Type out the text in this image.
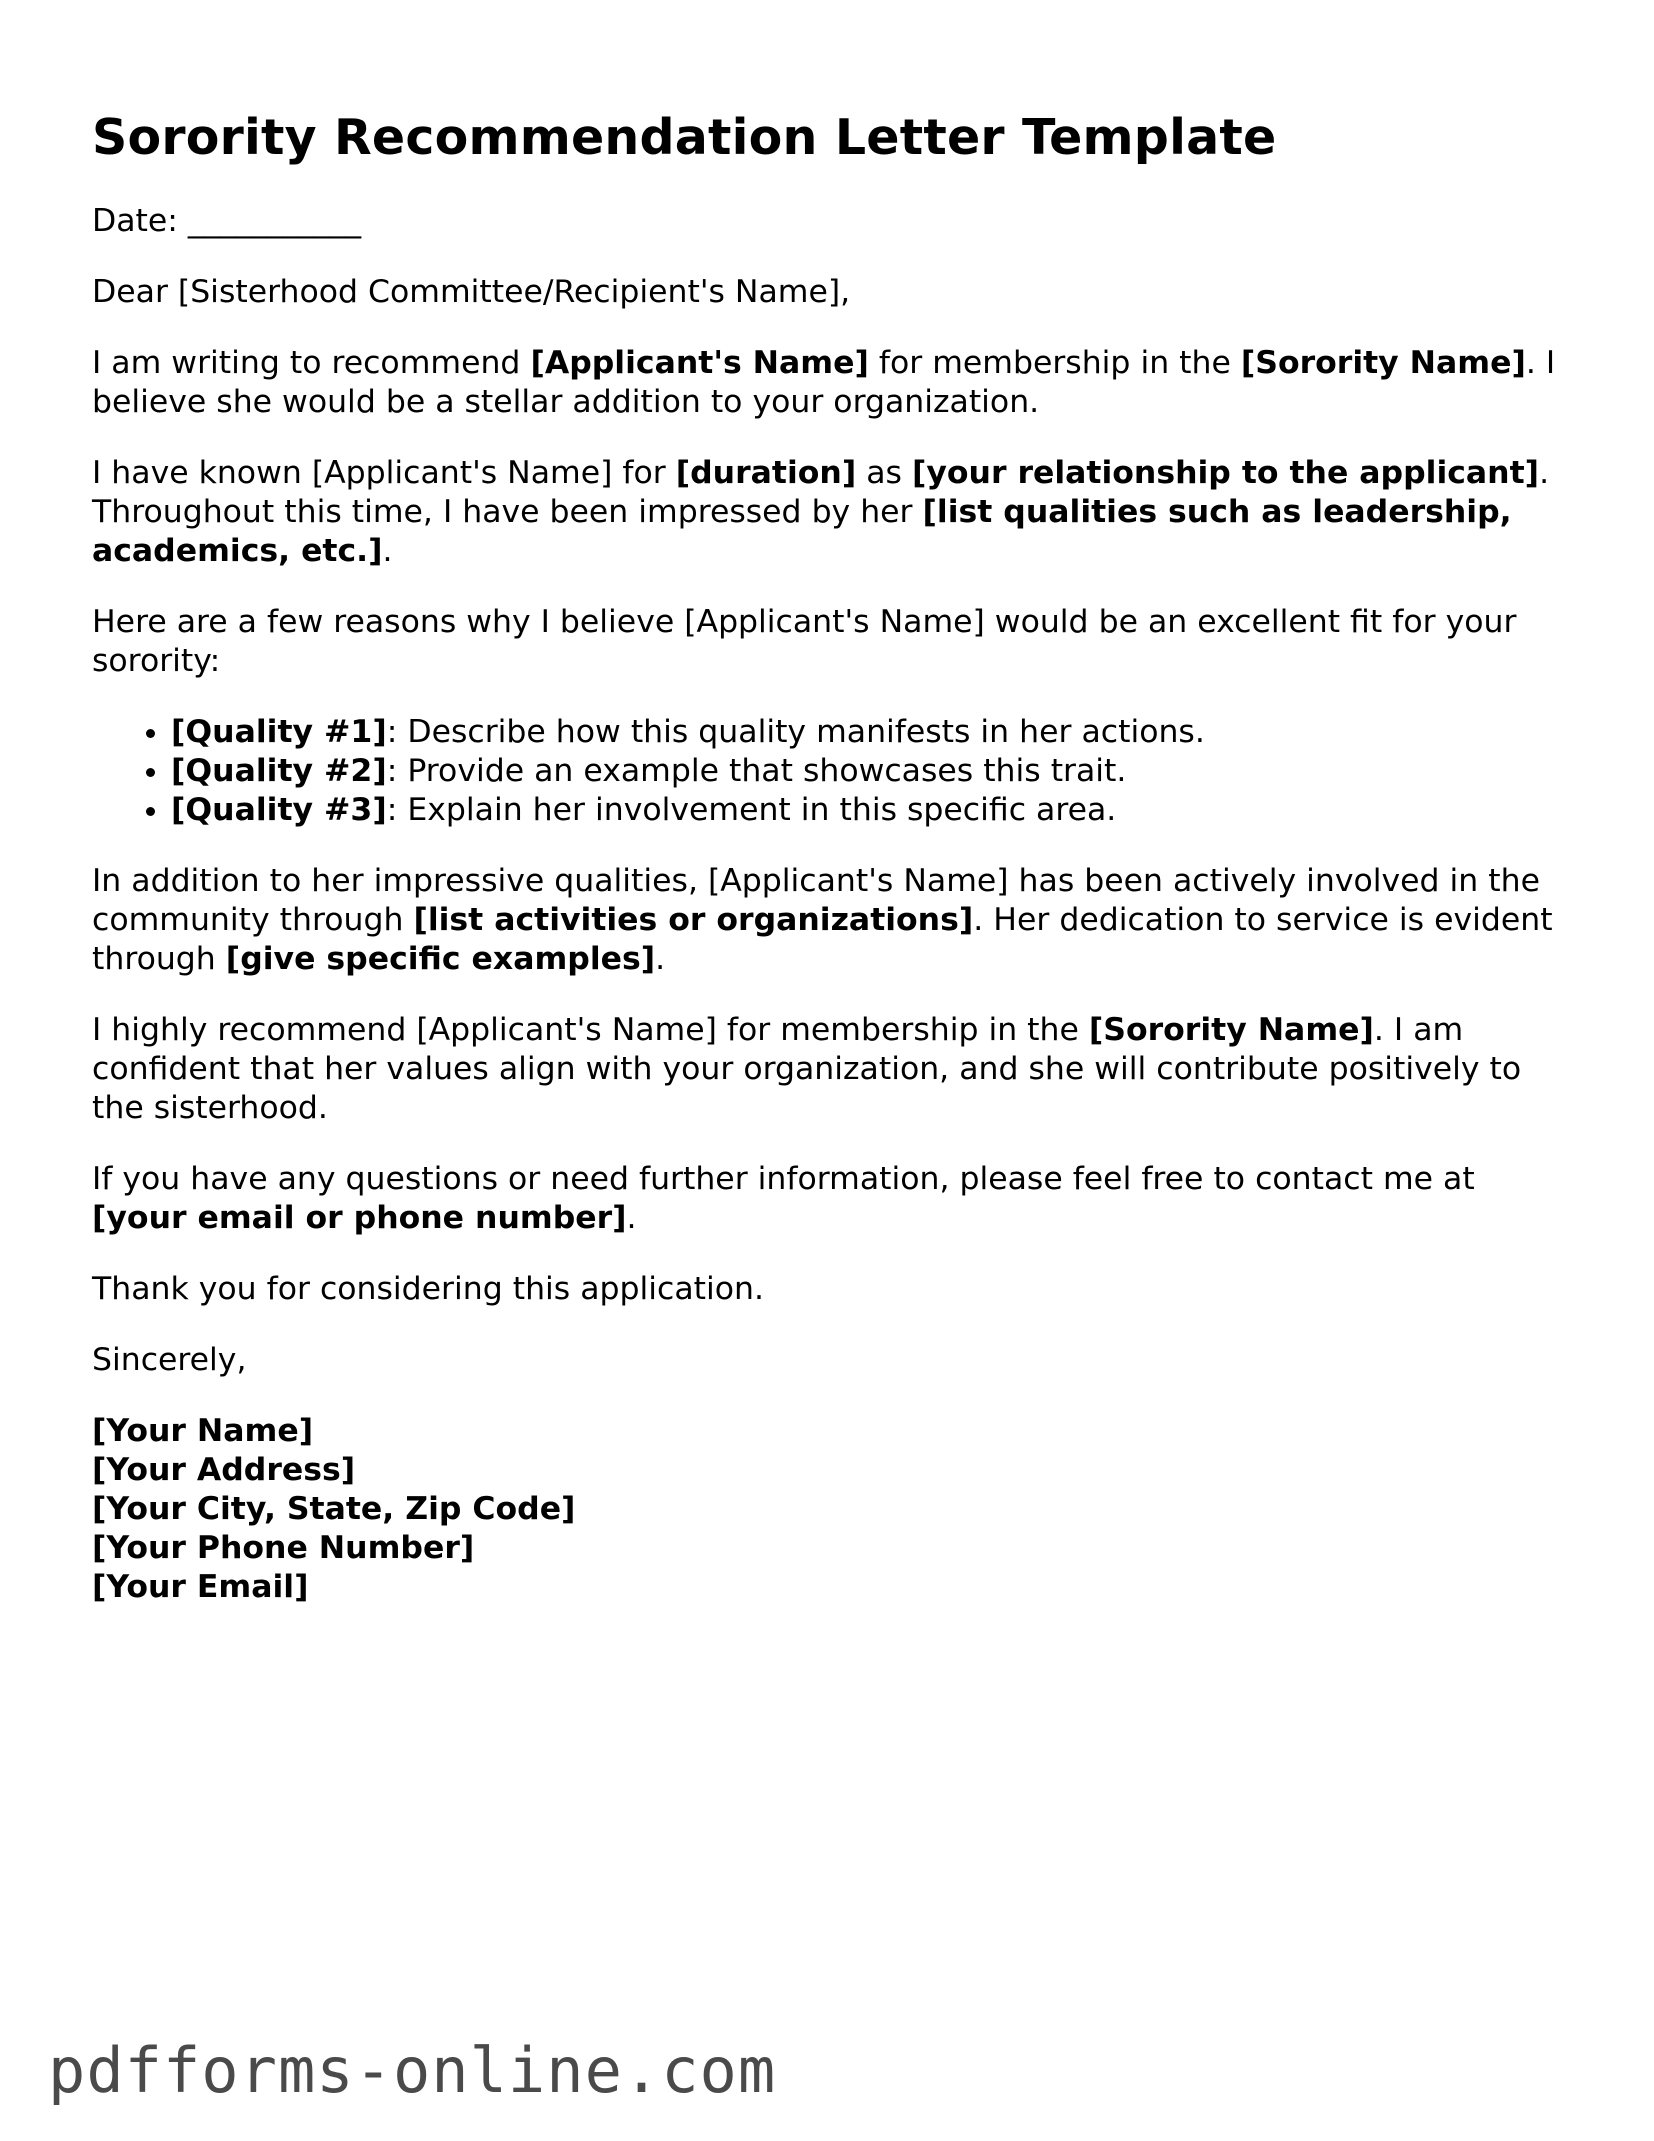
Sorority Recommendation Letter Template

Date: ___________

Dear [Sisterhood Committee/Recipient's Name],

I am writing to recommend [Applicant's Name] for membership in the [Sorority Name]. I believe she would be a stellar addition to your organization.

I have known [Applicant's Name] for [duration] as [your relationship to the applicant]. Throughout this time, I have been impressed by her [list qualities such as leadership, academics, etc.].

Here are a few reasons why I believe [Applicant's Name] would be an excellent fit for your sorority:

• [Quality #1]: Describe how this quality manifests in her actions.
• [Quality #2]: Provide an example that showcases this trait.
• [Quality #3]: Explain her involvement in this specific area.

In addition to her impressive qualities, [Applicant's Name] has been actively involved in the community through [list activities or organizations]. Her dedication to service is evident through [give specific examples].

I highly recommend [Applicant's Name] for membership in the [Sorority Name]. I am confident that her values align with your organization, and she will contribute positively to the sisterhood.

If you have any questions or need further information, please feel free to contact me at [your email or phone number].

Thank you for considering this application.

Sincerely,

[Your Name]
[Your Address]
[Your City, State, Zip Code]
[Your Phone Number]
[Your Email]
pdfforms-online.com
